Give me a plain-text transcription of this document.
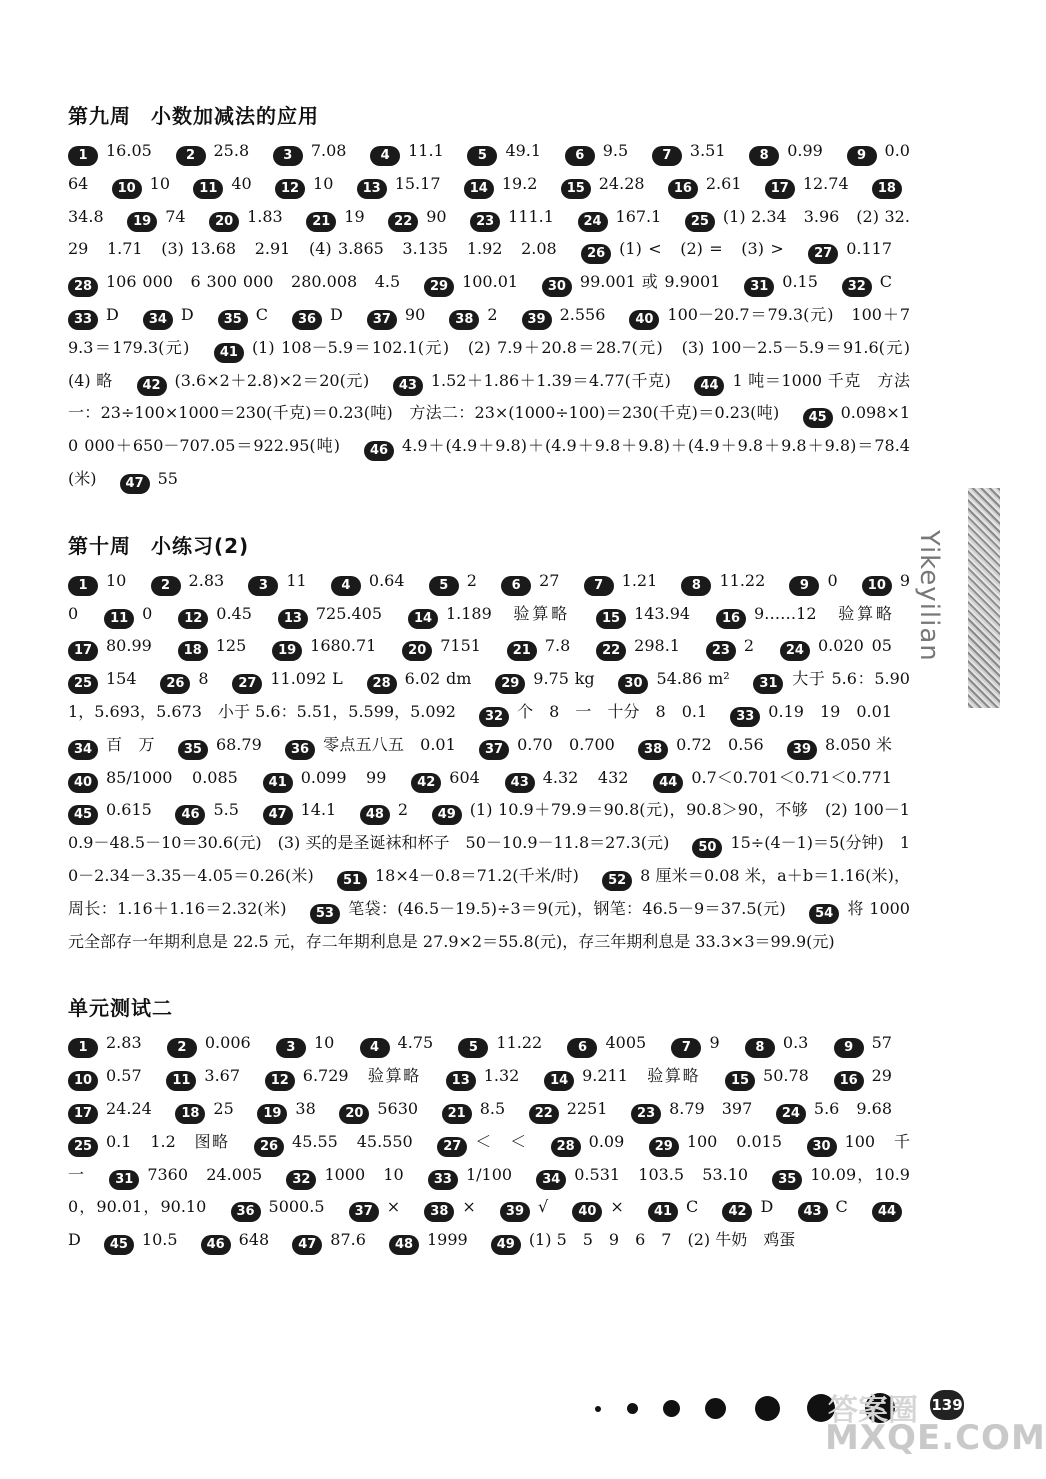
Yikeyilian
第九周 小数加减法的应用
1 16.05	2 25.8	3 7.08	4 11.1	5 49.1	6 9.5	7 3.51	8 0.99	9 0.064 10 10 11 40 12 10 13 15.17 14 19.2 15 24.28 16 2.61 17 12.74 1834.8 19 74 20 1.83 21 19 22 90 23 111.1 24 167.1 25 (1) 2.34　3.96　(2) 32.29　1.71　(3) 13.68　2.91　(4) 3.865　3.135　1.92　2.08 26 (1) <　(2) =　(3) > 27 0.117 28 106 000　6 300 000　280.008　4.5 29 100.01 30 99.001 或 9.9001 31 0.15 32 C 33 D 34 D 35 C 36 D 37 90 38 2 39 2.556 40 100－20.7＝79.3(元)　100＋79.3＝179.3(元) 41 (1) 108－5.9＝102.1(元)　(2) 7.9＋20.8＝28.7(元)　(3) 100－2.5－5.9＝91.6(元)　(4) 略 42 (3.6×2＋2.8)×2＝20(元) 43 1.52＋1.86＋1.39＝4.77(千克) 44 1 吨＝1000 千克　方法一：23÷100×1000＝230(千克)＝0.23(吨)　方法二：23×(1000÷100)＝230(千克)＝0.23(吨) 45 0.098×10 000＋650－707.05＝922.95(吨) 46 4.9＋(4.9＋9.8)＋(4.9＋9.8＋9.8)＋(4.9＋9.8＋9.8＋9.8)＝78.4(米) 47 55
第十周 小练习(2)
1 10	2 2.83	3 11	4 0.64	5 2	6 27	7 1.21	8 11.22	9 0 10 90 11 0 12 0.45 13 725.405 14 1.189　验算略 15 143.94 16 9……12　验算略 17 80.99 18 125 19 1680.71 20 7151 21 7.8 22 298.1 23 2 24 0.020 05 25 154 26 8 27 11.092 L 28 6.02 dm 29 9.75 kg 30 54.86 m² 31 大于 5.6：5.901，5.693，5.673　小于 5.6：5.51，5.599，5.092 32 个　8　一　十分　8　0.1 33 0.19　19　0.01 34 百　万 35 68.79 36 零点五八五　0.01 37 0.70　0.700 38 0.72　0.56 39 8.050 米 40 85/1000　0.085 41 0.099　99 42 604 43 4.32　432 44 0.7＜0.701＜0.71＜0.771 45 0.615 46 5.5 47 14.1 48 2 49 (1) 10.9＋79.9＝90.8(元)，90.8＞90，不够　(2) 100－10.9－48.5－10＝30.6(元)　(3) 买的是圣诞袜和杯子　50－10.9－11.8＝27.3(元) 50 15÷(4－1)＝5(分钟)　10－2.34－3.35－4.05＝0.26(米) 51 18×4－0.8＝71.2(千米/时) 52 8 厘米＝0.08 米，a＋b＝1.16(米)，周长：1.16＋1.16＝2.32(米) 53 笔袋：(46.5－19.5)÷3＝9(元)，钢笔：46.5－9＝37.5(元) 54 将 1000 元全部存一年期利息是 22.5 元，存二年期利息是 27.9×2＝55.8(元)，存三年期利息是 33.3×3＝99.9(元)
单元测试二
1 2.83	2 0.006	3 10	4 4.75	5 11.22	6 4005	7 9	8 0.3	9 57 10 0.57 11 3.67 12 6.729　验算略 13 1.32 14 9.211　验算略 15 50.78 16 29 17 24.24 18 25 19 38 20 5630 21 8.5 22 2251 23 8.79　397 24 5.6　9.68 25 0.1　1.2　图略 26 45.55　45.550 27 ＜　＜ 28 0.09 29 100　0.015 30 100　千　一 31 7360　24.005 32 1000　10 33 1/100 34 0.531　103.5　53.10 35 10.09，10.90，90.01，90.10 36 5000.5 37 × 38 × 39 √ 40 × 41 C 42 D 43 C 44D 45 10.5 46 648 47 87.6 48 1999 49 (1) 5　5　9　6　7　(2) 牛奶　鸡蛋
139
答案圈
MXQE.COM
